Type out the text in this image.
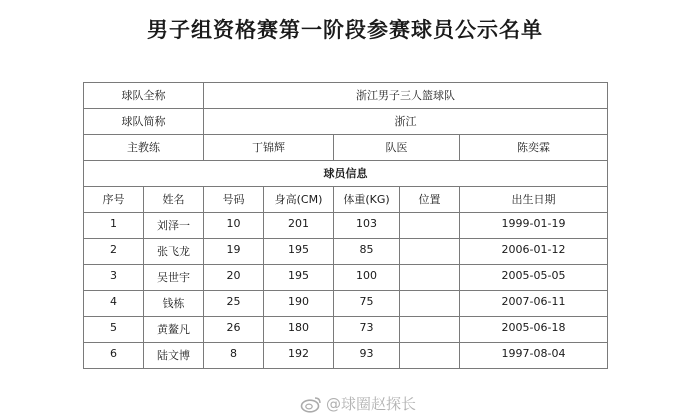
男子组资格赛第一阶段参赛球员公示名单
球队全称		浙江男子三人篮球队				
球队简称		浙江				
主教练		丁锦辉		队医		陈奕霖
球员信息						
序号	姓名	号码	身高(CM)	体重(KG)	位置	出生日期
1	刘泽一	10	201	103		1999-01-19
2	张飞龙	19	195	85		2006-01-12
3	吴世宇	20	195	100		2005-05-05
4	钱栋	25	190	75		2007-06-11
5	黄鳌凡	26	180	73		2005-06-18
6	陆文博	8	192	93		1997-08-04
@球圈赵探长
